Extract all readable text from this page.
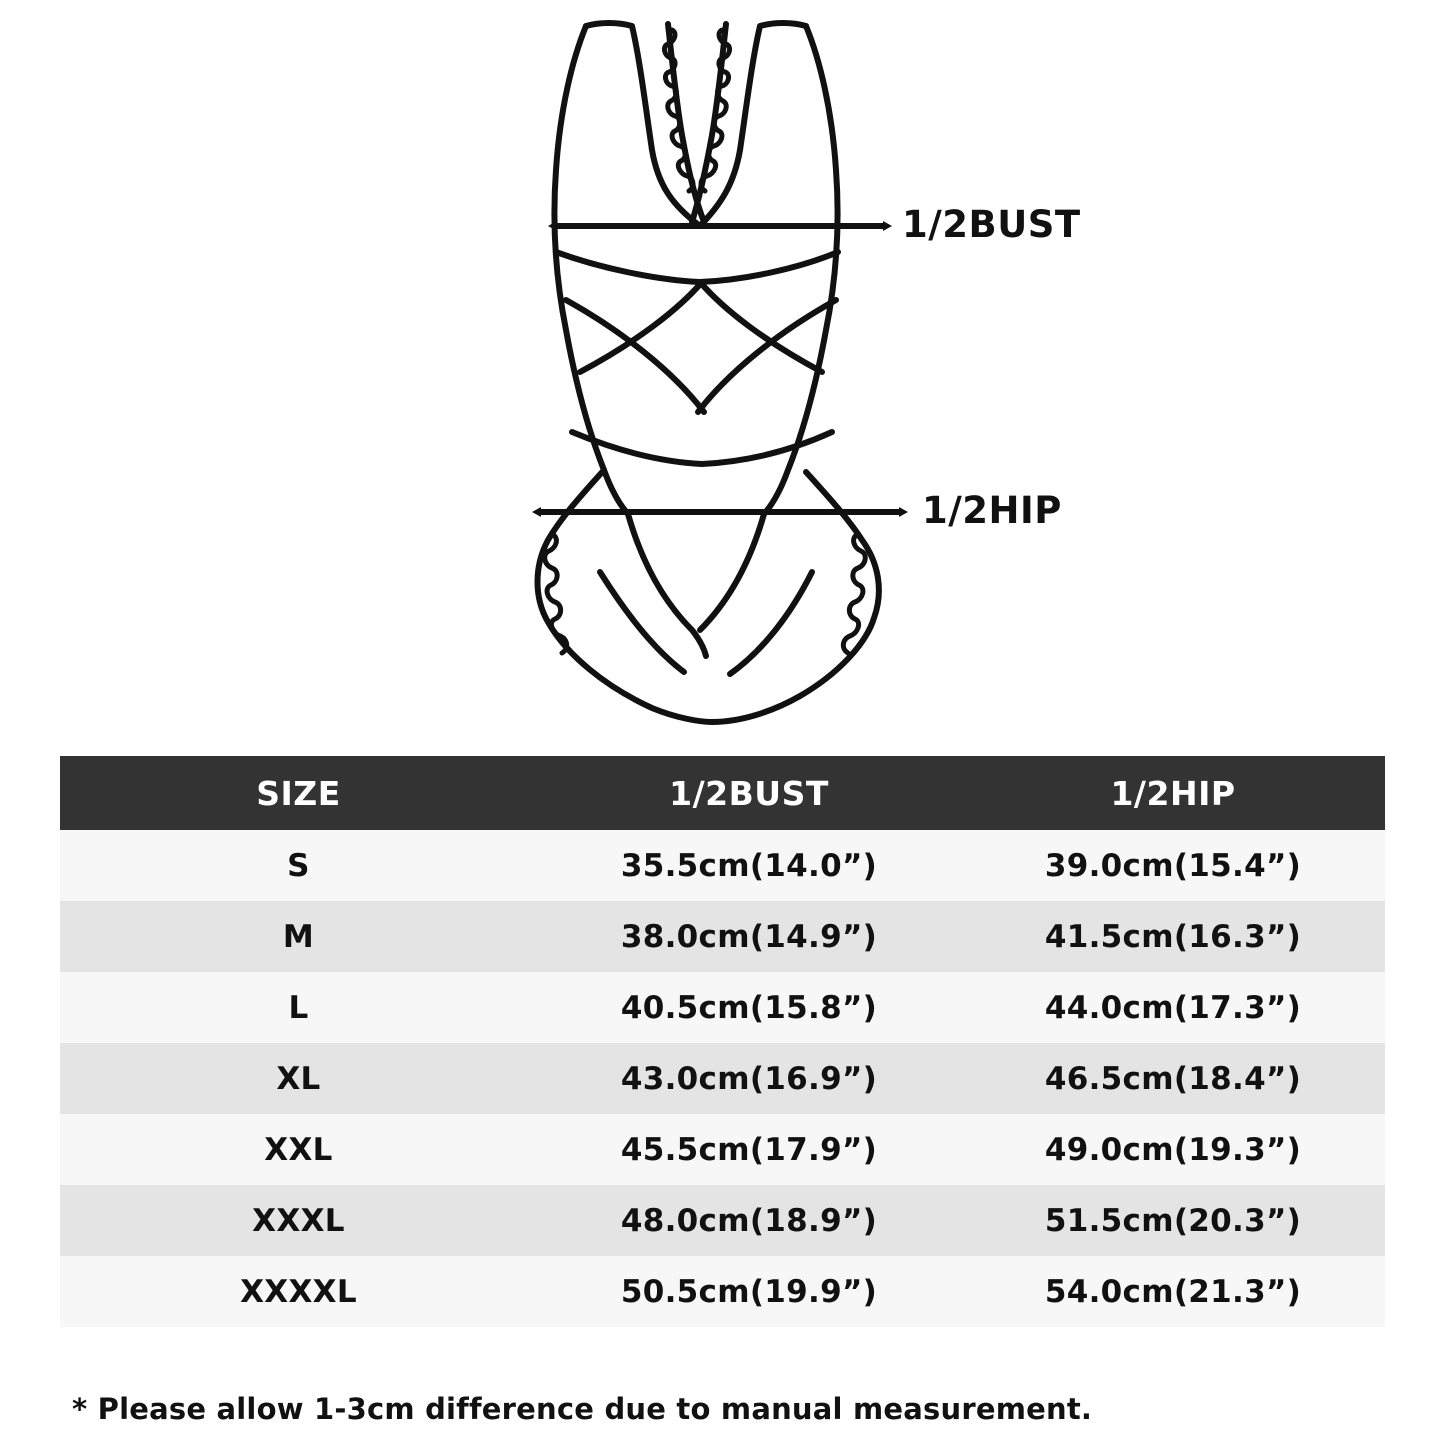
1/2BUST
1/2HIP
SIZE	1/2BUST	1/2HIP
S	35.5cm(14.0”)	39.0cm(15.4”)
M	38.0cm(14.9”)	41.5cm(16.3”)
L	40.5cm(15.8”)	44.0cm(17.3”)
XL	43.0cm(16.9”)	46.5cm(18.4”)
XXL	45.5cm(17.9”)	49.0cm(19.3”)
XXXL	48.0cm(18.9”)	51.5cm(20.3”)
XXXXL	50.5cm(19.9”)	54.0cm(21.3”)
* Please allow 1-3cm difference due to manual measurement.
